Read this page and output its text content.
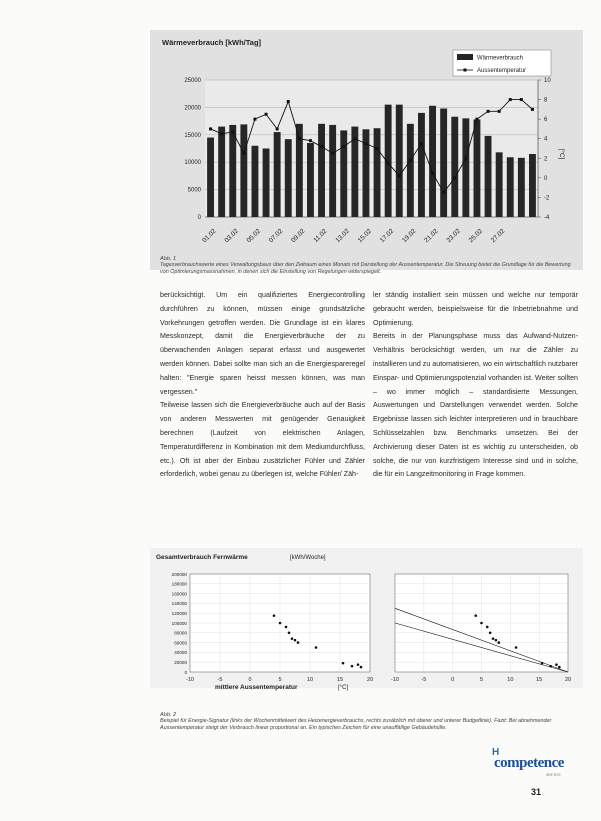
Wärmeverbrauch [kWh/Tag]
25000
20000
15000
10000
5000
0
10
8
6
4
2
0
-2
-4
[°C]
01.02 03.02 05.02 07.02 09.02 11.02 13.02 15.02 17.02 19.02 21.02 23.02 25.02 27.02
Wärmeverbrauch
Aussentemperatur
Abb. 1
Tagesverbrauchswerte eines Verwaltungsbaus über den Zeitraum eines Monats mit Darstellung der Aussentemperatur. Die Streuung bietet die Grundlage für die Bewertung von Optimierungsmassnahmen, in denen sich die Einstellung von Regelungen widerspiegelt.

berücksichtigt. Um ein qualifiziertes Energiecontrolling durchführen zu können, müssen einige grundsätzliche Vorkehrungen getroffen werden. Die Grundlage ist ein klares Messkonzept, damit die Energieverbräuche der zu überwachenden Anlagen separat erfasst und ausgewertet werden können. Dabei sollte man sich an die Energiespareregel halten: "Energie sparen heisst messen können, was man vergessen."

Teilweise lassen sich die Energieverbräuche auch auf der Basis von anderen Messwerten mit genügender Genauigkeit berechnen (Laufzeit von elektrischen Anlagen, Temperaturdifferenz in Kombination mit dem Mediumdurchfluss, etc.). Oft ist aber der Einbau zusätzlicher Fühler und Zähler erforderlich, wobei genau zu überlegen ist, welche Fühler/ Zäh-

ler ständig installiert sein müssen und welche nur temporär gebraucht werden, beispielsweise für die Inbetriebnahme und Optimierung.

Bereits in der Planungsphase muss das Aufwand-Nutzen-Verhältnis berücksichtigt werden, um nur die Zähler zu installieren und zu automatisieren, wo ein wirtschaftlich nutzbarer Einspar- und Optimierungspotenzial vorhanden ist. Weiter sollten – wo immer möglich – standardisierte Messungen, Auswertungen und Darstellungen verwendet werden. Solche Ergebnisse lassen sich leichter interpretieren und in brauchbare Schlüsselzahlen bzw. Benchmarks umsetzen. Bei der Archivierung dieser Daten ist es wichtig zu unterscheiden, ob solche, die nur von kurzfristigem Interesse sind und in solche, die für ein Langzeitmonitoring in Frage kommen.

Gesamtverbrauch Fernwärme	[kWh/Woche]
200000
180000
160000
140000
120000
100000
80000
60000
40000
20000
0
-10	-5	0	5	10	15	20	-10	-5	0	5	10	15	20
mittlere Aussentemperatur	[°C]
Abb. 2
Beispiel für Energie-Signatur (links der Wochenmittelwert des Heizenergieverbrauchs, rechts zusätzlich mit oberer und unterer Budgetlinie). Fazit: Bei abnehmender Aussentemperatur steigt der Verbrauch linear proportional an. Ein typisches Zeichen für eine unauffällige Gebäudehülle.
H
competence
SEE BTE
31
